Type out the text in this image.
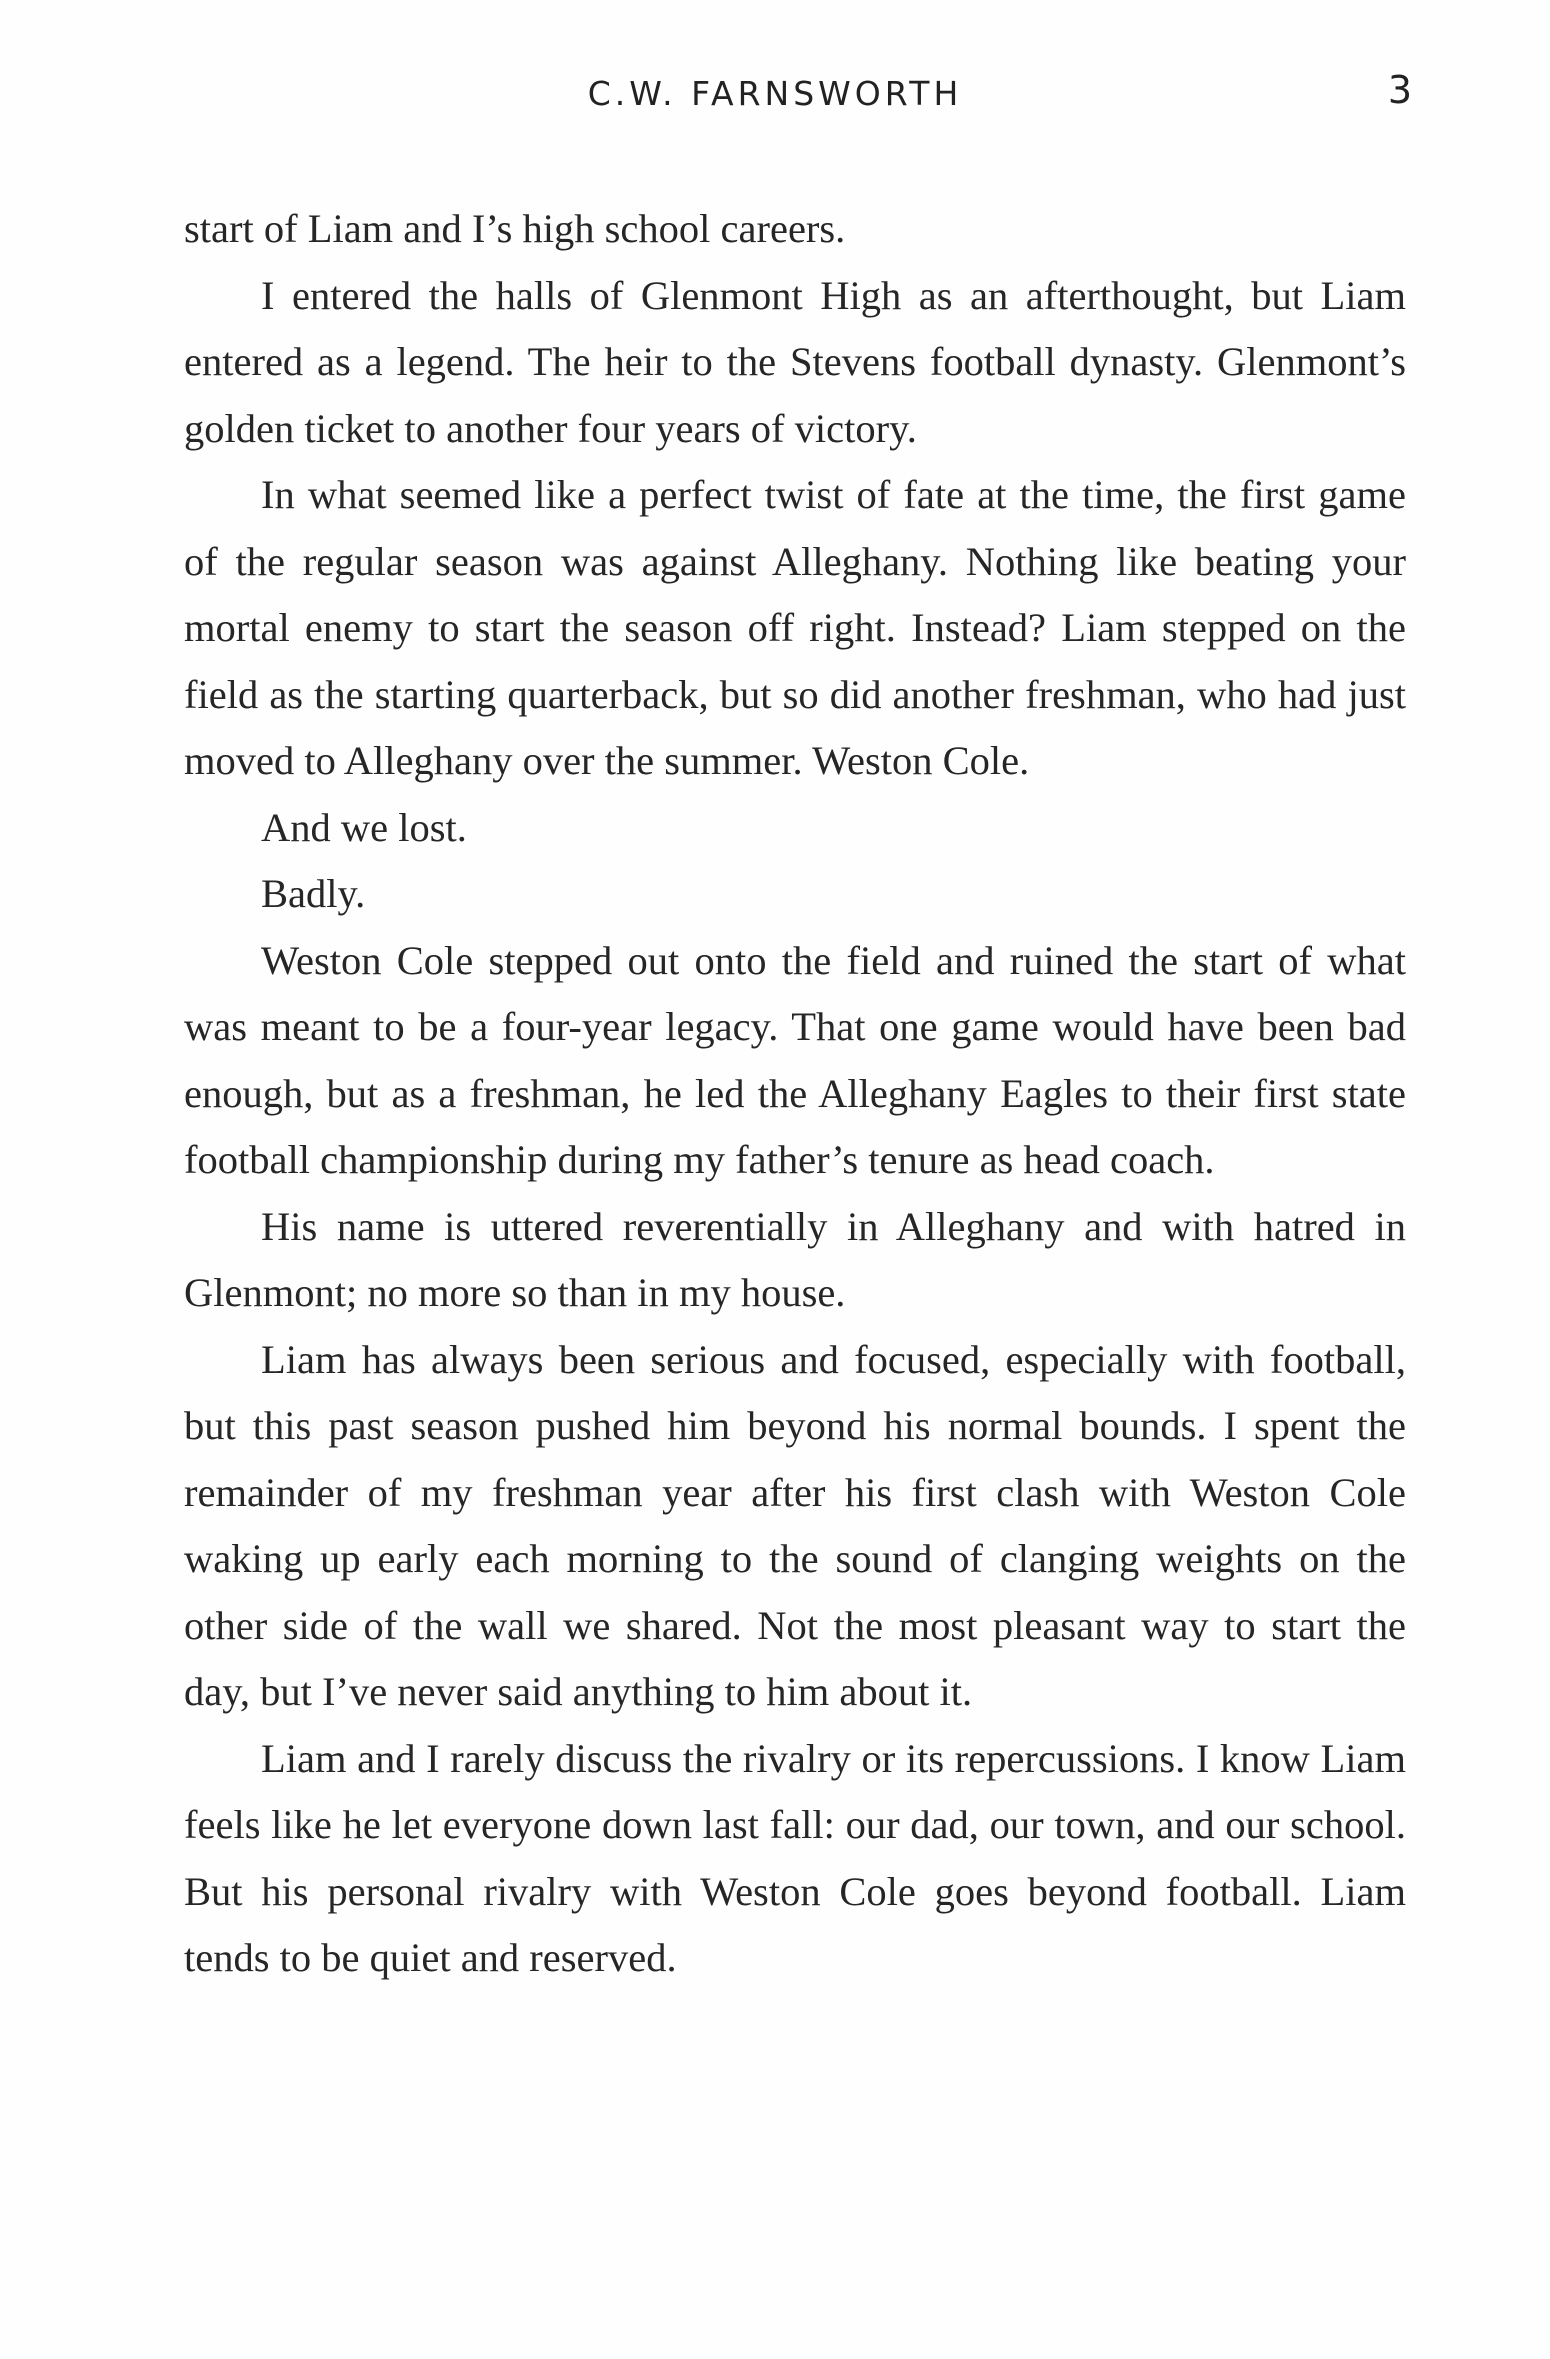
C.W. FARNSWORTH	3

start of Liam and I’s high school careers.

I entered the halls of Glenmont High as an afterthought, but Liam entered as a legend. The heir to the Stevens football dynasty. Glenmont’s golden ticket to another four years of victory.

In what seemed like a perfect twist of fate at the time, the first game of the regular season was against Alleghany. Nothing like beating your mortal enemy to start the season off right. Instead? Liam stepped on the field as the starting quarterback, but so did another freshman, who had just moved to Alleghany over the summer. Weston Cole.

And we lost.

Badly.

Weston Cole stepped out onto the field and ruined the start of what was meant to be a four-year legacy. That one game would have been bad enough, but as a freshman, he led the Alleghany Eagles to their first state football championship during my father’s tenure as head coach.

His name is uttered reverentially in Alleghany and with hatred in Glenmont; no more so than in my house.

Liam has always been serious and focused, especially with football, but this past season pushed him beyond his normal bounds. I spent the remainder of my freshman year after his first clash with Weston Cole waking up early each morning to the sound of clanging weights on the other side of the wall we shared. Not the most pleasant way to start the day, but I’ve never said anything to him about it.

Liam and I rarely discuss the rivalry or its repercussions. I know Liam feels like he let everyone down last fall: our dad, our town, and our school. But his personal rivalry with Weston Cole goes beyond football. Liam tends to be quiet and reserved.
